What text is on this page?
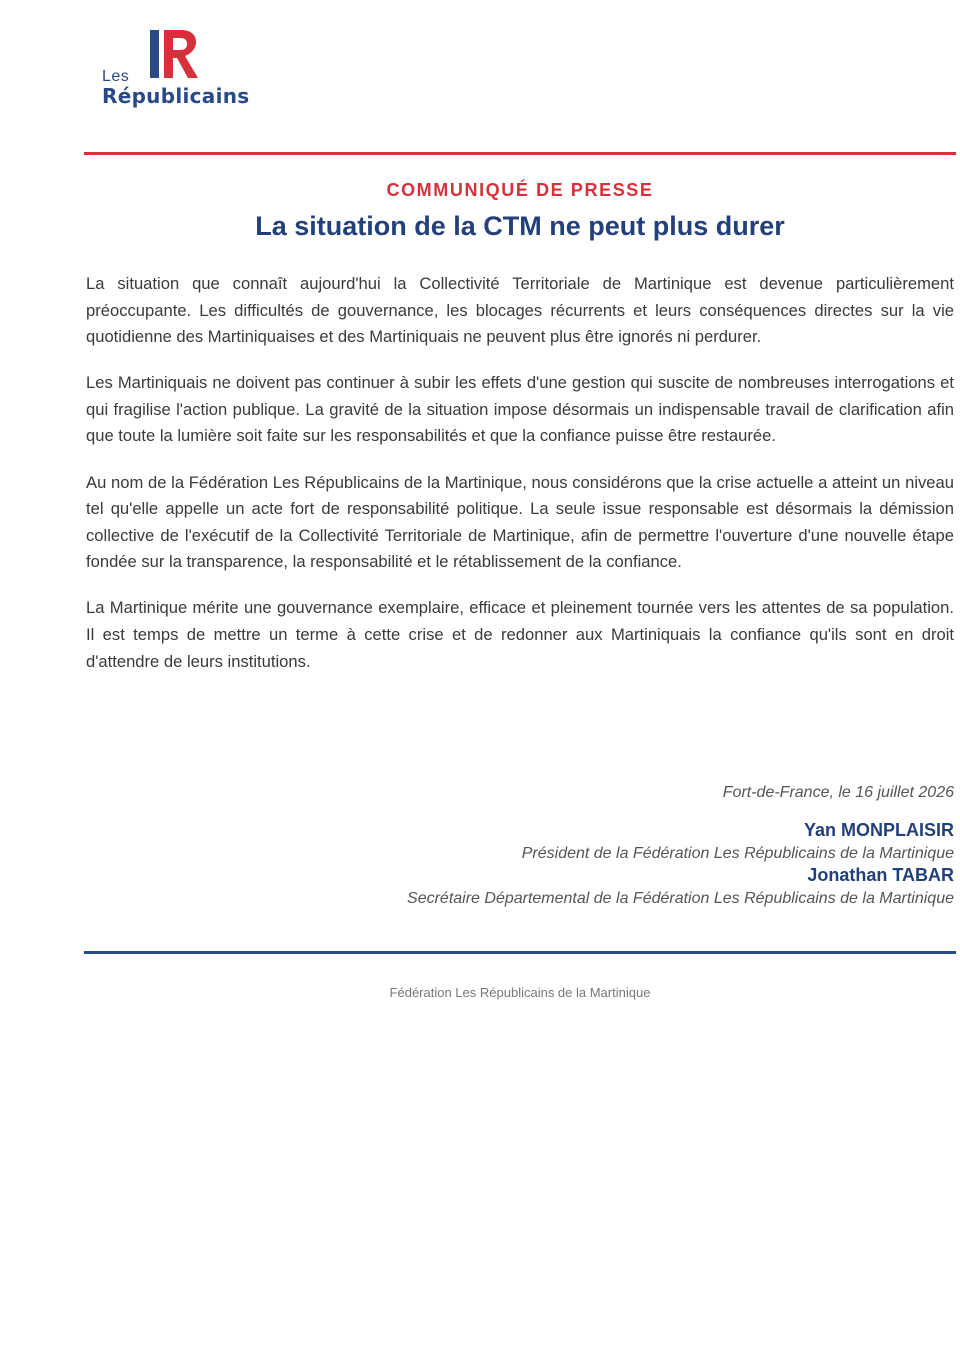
Les
Républicains
COMMUNIQUÉ DE PRESSE
La situation de la CTM ne peut plus durer

La situation que connaît aujourd'hui la Collectivité Territoriale de Martinique est devenue particulièrement préoccupante. Les difficultés de gouvernance, les blocages récurrents et leurs conséquences directes sur la vie quotidienne des Martiniquaises et des Martiniquais ne peuvent plus être ignorés ni perdurer.

Les Martiniquais ne doivent pas continuer à subir les effets d'une gestion qui suscite de nombreuses interrogations et qui fragilise l'action publique. La gravité de la situation impose désormais un indispensable travail de clarification afin que toute la lumière soit faite sur les responsabilités et que la confiance puisse être restaurée.

Au nom de la Fédération Les Républicains de la Martinique, nous considérons que la crise actuelle a atteint un niveau tel qu'elle appelle un acte fort de responsabilité politique. La seule issue responsable est désormais la démission collective de l'exécutif de la Collectivité Territoriale de Martinique, afin de permettre l'ouverture d'une nouvelle étape fondée sur la transparence, la responsabilité et le rétablissement de la confiance.

La Martinique mérite une gouvernance exemplaire, efficace et pleinement tournée vers les attentes de sa population. Il est temps de mettre un terme à cette crise et de redonner aux Martiniquais la confiance qu'ils sont en droit d'attendre de leurs institutions.

Fort-de-France, le 16 juillet 2026
Yan MONPLAISIR
Président de la Fédération Les Républicains de la Martinique
Jonathan TABAR
Secrétaire Départemental de la Fédération Les Républicains de la Martinique
Fédération Les Républicains de la Martinique
